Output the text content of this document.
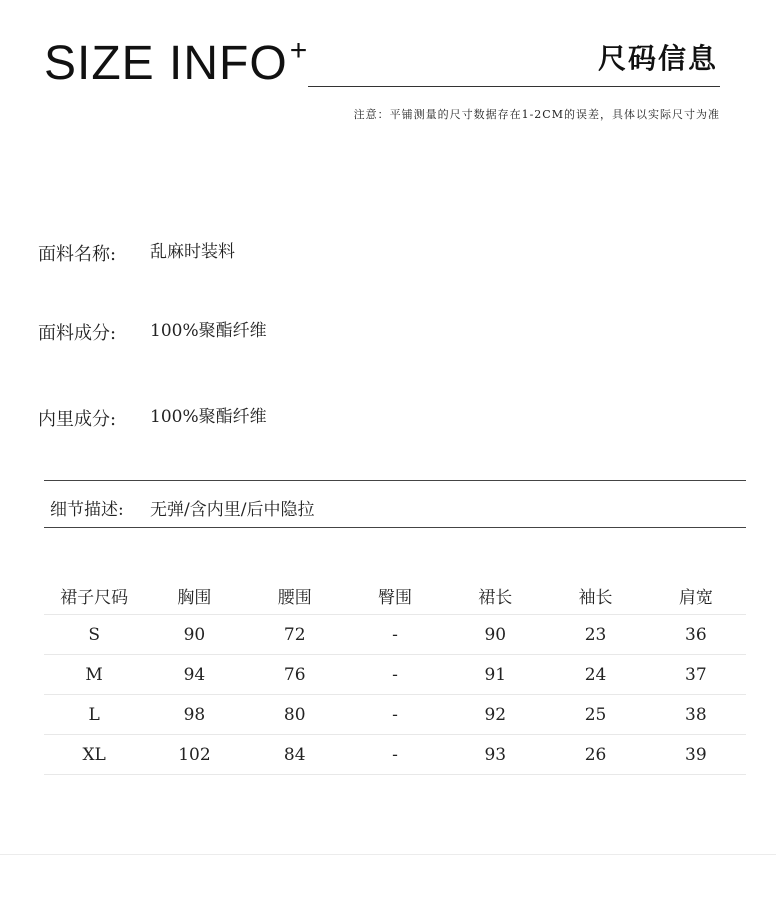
SIZE INFO+	尺码信息
注意：平铺测量的尺寸数据存在1-2CM的误差，具体以实际尺寸为准
面料名称: 乱麻时装料
面料成分: 100%聚酯纤维
内里成分: 100%聚酯纤维
细节描述: 无弹/含内里/后中隐拉
裙子尺码	胸围	腰围	臀围	裙长	袖长	肩宽
S	90	72	-	90	23	36
M	94	76	-	91	24	37
L	98	80	-	92	25	38
XL	102	84	-	93	26	39
